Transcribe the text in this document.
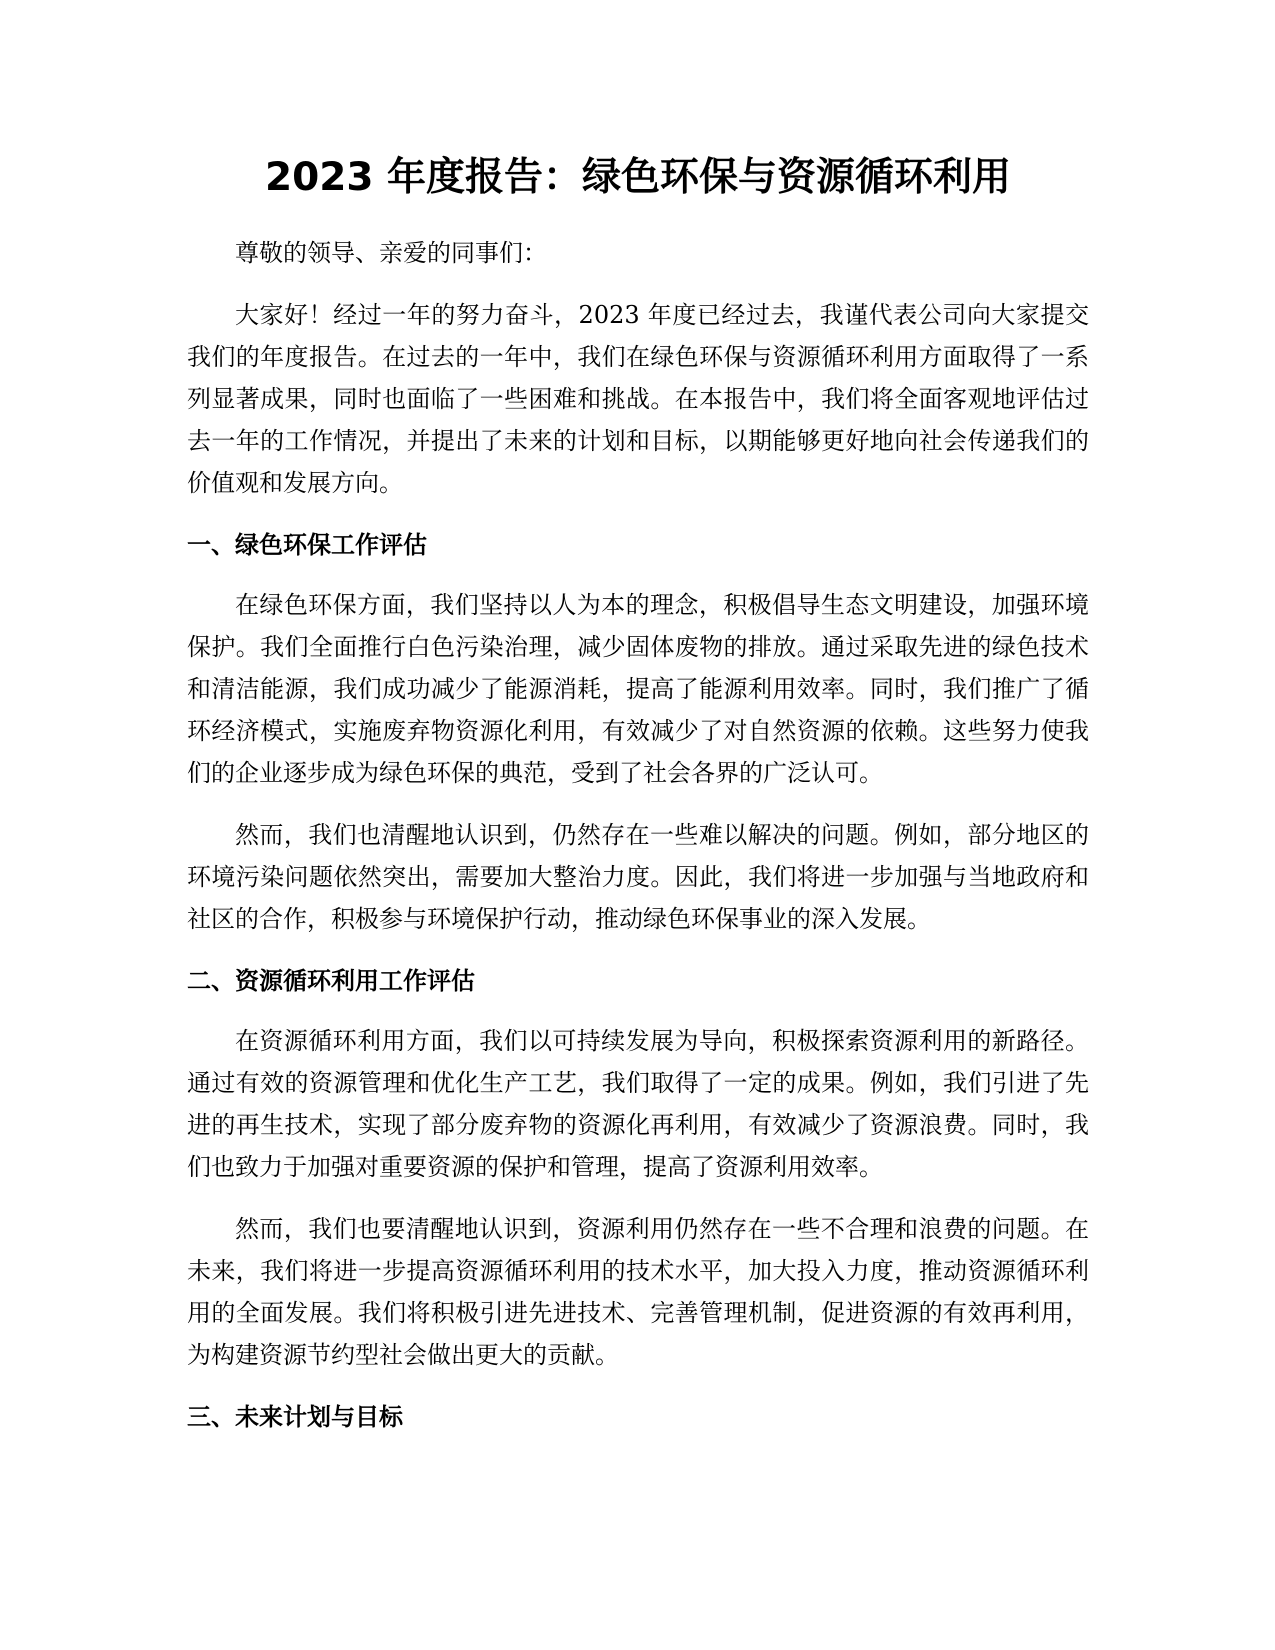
2023 年度报告：绿色环保与资源循环利用

尊敬的领导、亲爱的同事们：

大家好！经过一年的努力奋斗，2023 年度已经过去，我谨代表公司向大家提交我们的年度报告。在过去的一年中，我们在绿色环保与资源循环利用方面取得了一系列显著成果，同时也面临了一些困难和挑战。在本报告中，我们将全面客观地评估过去一年的工作情况，并提出了未来的计划和目标，以期能够更好地向社会传递我们的价值观和发展方向。

一、绿色环保工作评估

在绿色环保方面，我们坚持以人为本的理念，积极倡导生态文明建设，加强环境保护。我们全面推行白色污染治理，减少固体废物的排放。通过采取先进的绿色技术和清洁能源，我们成功减少了能源消耗，提高了能源利用效率。同时，我们推广了循环经济模式，实施废弃物资源化利用，有效减少了对自然资源的依赖。这些努力使我们的企业逐步成为绿色环保的典范，受到了社会各界的广泛认可。

然而，我们也清醒地认识到，仍然存在一些难以解决的问题。例如，部分地区的环境污染问题依然突出，需要加大整治力度。因此，我们将进一步加强与当地政府和社区的合作，积极参与环境保护行动，推动绿色环保事业的深入发展。

二、资源循环利用工作评估

在资源循环利用方面，我们以可持续发展为导向，积极探索资源利用的新路径。通过有效的资源管理和优化生产工艺，我们取得了一定的成果。例如，我们引进了先进的再生技术，实现了部分废弃物的资源化再利用，有效减少了资源浪费。同时，我们也致力于加强对重要资源的保护和管理，提高了资源利用效率。

然而，我们也要清醒地认识到，资源利用仍然存在一些不合理和浪费的问题。在未来，我们将进一步提高资源循环利用的技术水平，加大投入力度，推动资源循环利用的全面发展。我们将积极引进先进技术、完善管理机制，促进资源的有效再利用，为构建资源节约型社会做出更大的贡献。

三、未来计划与目标
